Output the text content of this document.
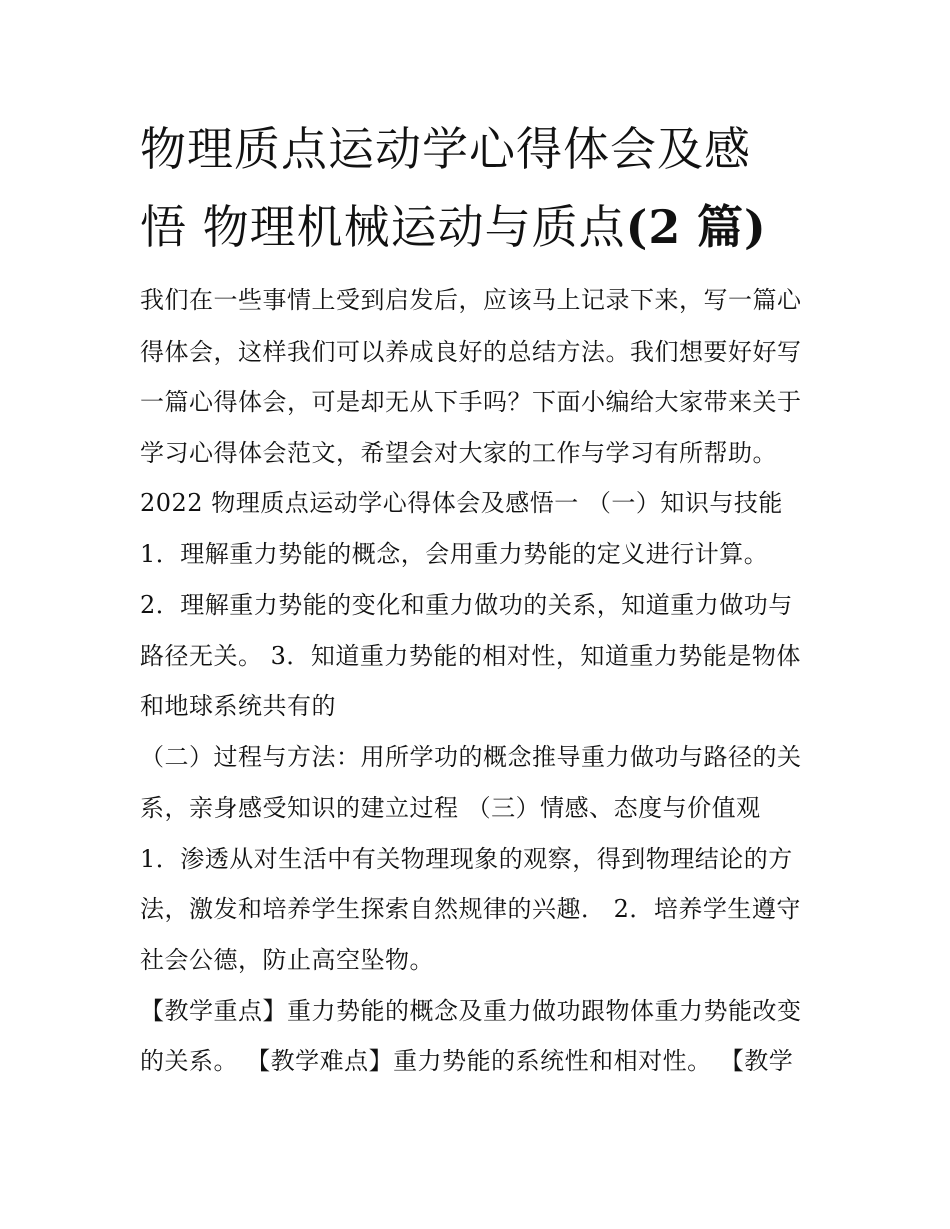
物理质点运动学心得体会及感
悟 物理机械运动与质点(2 篇)
我们在一些事情上受到启发后，应该马上记录下来，写一篇心
得体会，这样我们可以养成良好的总结方法。我们想要好好写
一篇心得体会，可是却无从下手吗？下面小编给大家带来关于
学习心得体会范文，希望会对大家的工作与学习有所帮助。
2022 物理质点运动学心得体会及感悟一 （一）知识与技能
1．理解重力势能的概念，会用重力势能的定义进行计算。
2．理解重力势能的变化和重力做功的关系，知道重力做功与
路径无关。 3．知道重力势能的相对性，知道重力势能是物体
和地球系统共有的
（二）过程与方法：用所学功的概念推导重力做功与路径的关
系，亲身感受知识的建立过程 （三）情感、态度与价值观
1．渗透从对生活中有关物理现象的观察，得到物理结论的方
法，激发和培养学生探索自然规律的兴趣． 2．培养学生遵守
社会公德，防止高空坠物。
【教学重点】重力势能的概念及重力做功跟物体重力势能改变
的关系。 【教学难点】重力势能的系统性和相对性。 【教学
